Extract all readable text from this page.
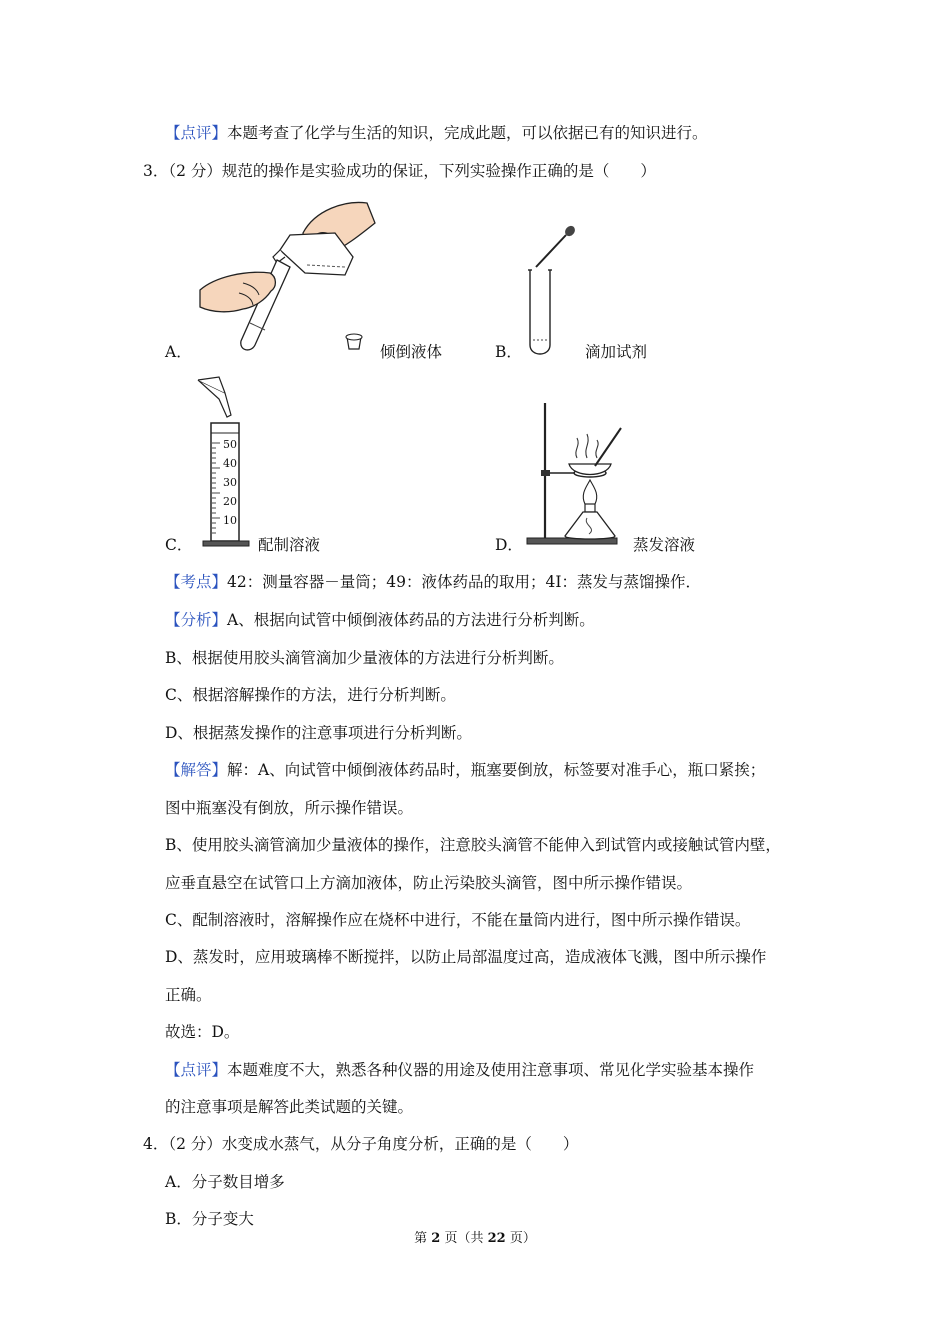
【点评】本题考查了化学与生活的知识，完成此题，可以依据已有的知识进行。
3．（2 分）规范的操作是实验成功的保证，下列实验操作正确的是（　　）
A．	倾倒液体	B．	滴加试剂
50
40
30
20
10
C．	配制溶液	D．	蒸发溶液
【考点】42：测量容器－量筒；49：液体药品的取用；4I：蒸发与蒸馏操作．
【分析】A、根据向试管中倾倒液体药品的方法进行分析判断。
B、根据使用胶头滴管滴加少量液体的方法进行分析判断。
C、根据溶解操作的方法，进行分析判断。
D、根据蒸发操作的注意事项进行分析判断。
【解答】解：A、向试管中倾倒液体药品时，瓶塞要倒放，标签要对准手心，瓶口紧挨；
图中瓶塞没有倒放，所示操作错误。
B、使用胶头滴管滴加少量液体的操作，注意胶头滴管不能伸入到试管内或接触试管内壁，
应垂直悬空在试管口上方滴加液体，防止污染胶头滴管，图中所示操作错误。
C、配制溶液时，溶解操作应在烧杯中进行，不能在量筒内进行，图中所示操作错误。
D、蒸发时，应用玻璃棒不断搅拌，以防止局部温度过高，造成液体飞溅，图中所示操作
正确。
故选：D。
【点评】本题难度不大，熟悉各种仪器的用途及使用注意事项、常见化学实验基本操作
的注意事项是解答此类试题的关键。
4．（2 分）水变成水蒸气，从分子角度分析，正确的是（　　）
A．分子数目增多
B．分子变大
第 2 页（共 22 页）
